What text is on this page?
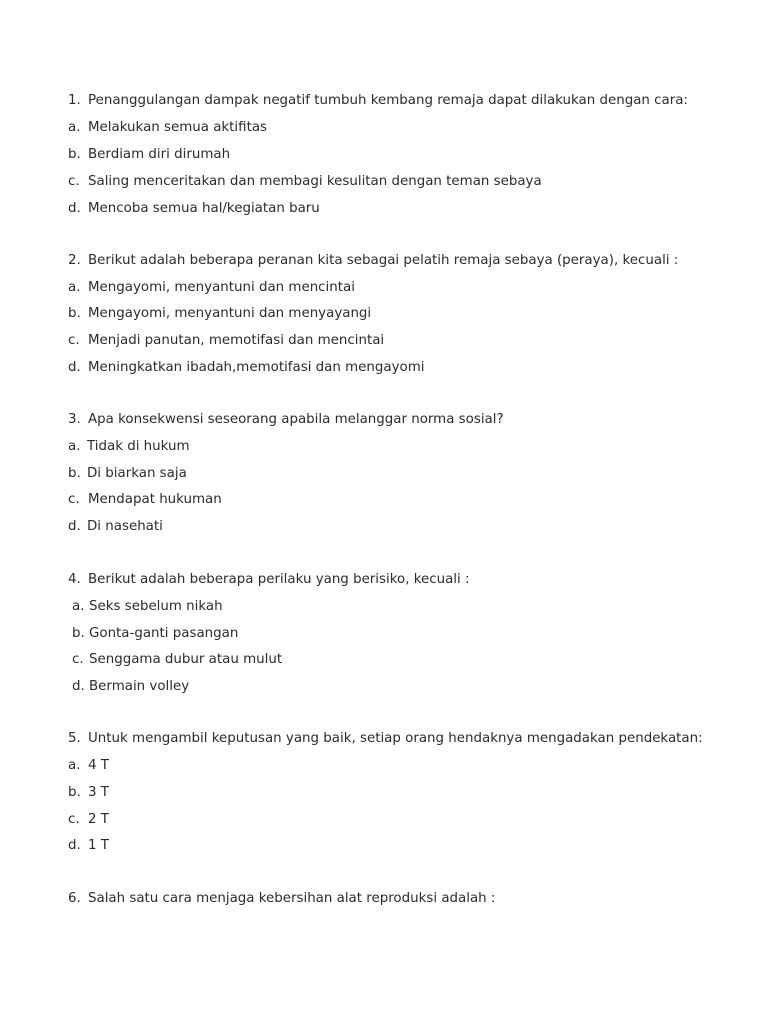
1.

Penanggulangan dampak negatif tumbuh kembang remaja dapat dilakukan dengan cara:

a.

Melakukan semua aktifitas

b.

Berdiam diri dirumah

c.

Saling menceritakan dan membagi kesulitan dengan teman sebaya

d.

Mencoba semua hal/kegiatan baru

2.

Berikut adalah beberapa peranan kita sebagai pelatih remaja sebaya (peraya), kecuali :

a.

Mengayomi, menyantuni dan mencintai

b.

Mengayomi, menyantuni dan menyayangi

c.

Menjadi panutan, memotifasi dan mencintai

d.

Meningkatkan ibadah,memotifasi dan mengayomi

3.

Apa konsekwensi seseorang apabila melanggar norma sosial?

a.

Tidak di hukum

b.

Di biarkan saja

c.

Mendapat hukuman

d.

Di nasehati

4.

Berikut adalah beberapa perilaku yang berisiko, kecuali :

a.

Seks sebelum nikah

b.

Gonta-ganti pasangan

c.

Senggama dubur atau mulut

d.

Bermain volley

5.

Untuk mengambil keputusan yang baik, setiap orang hendaknya mengadakan pendekatan:

a.

4 T

b.

3 T

c.

2 T

d.

1 T

6.

Salah satu cara menjaga kebersihan alat reproduksi adalah :
